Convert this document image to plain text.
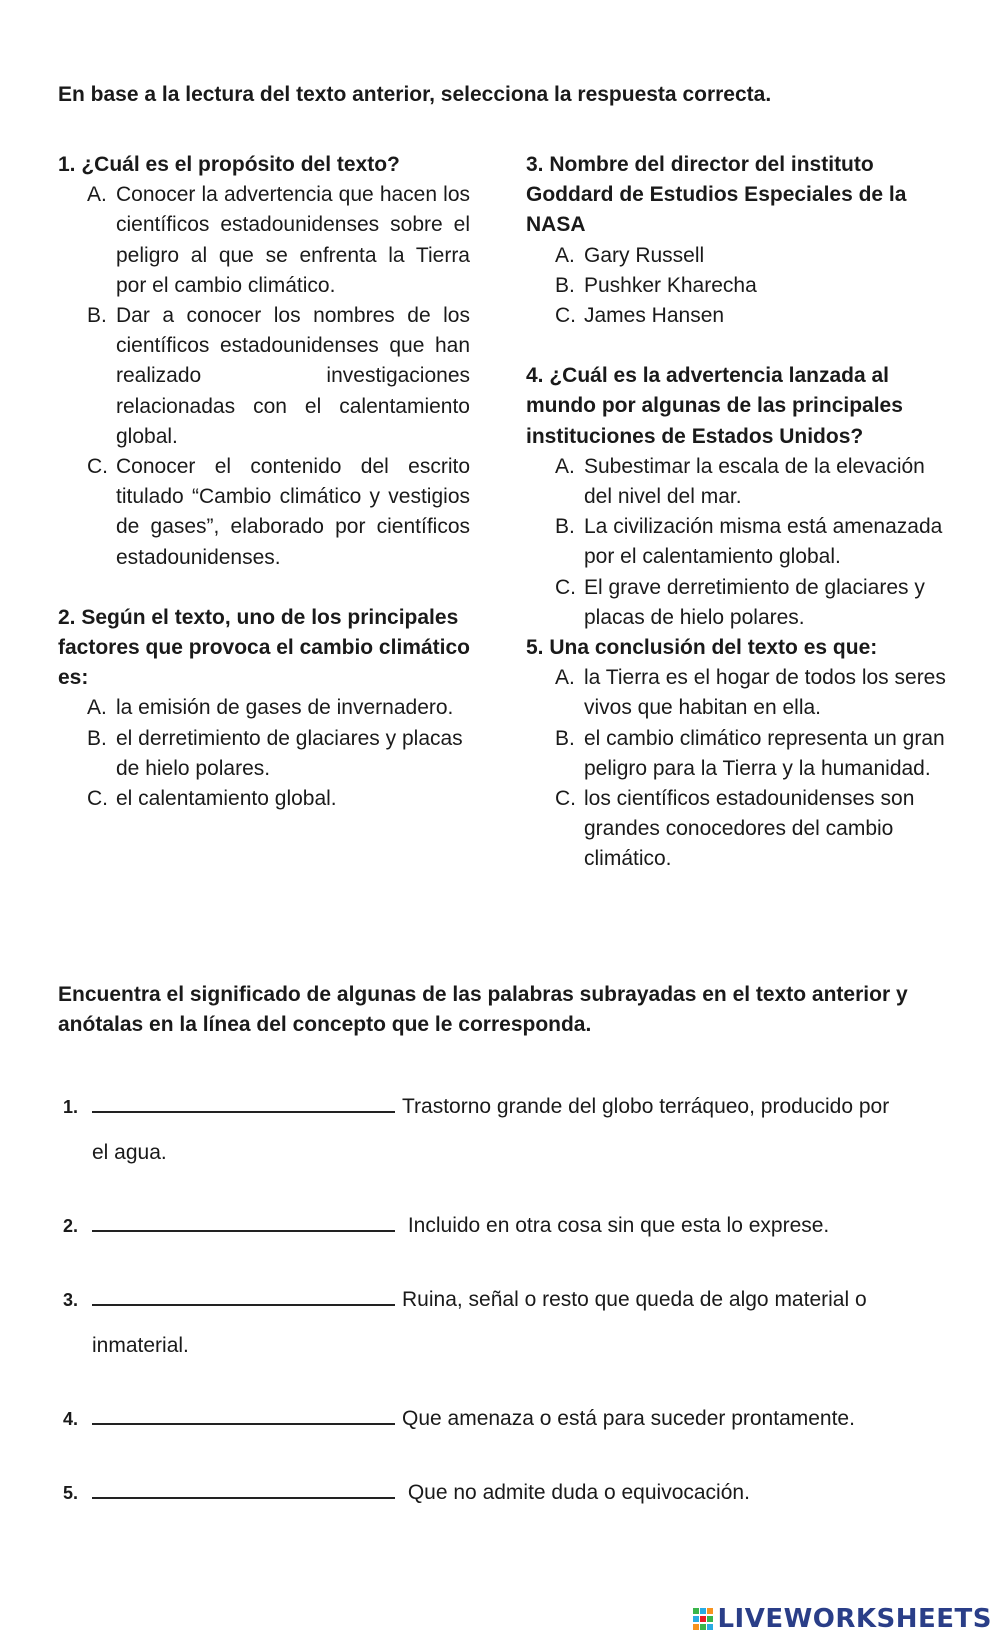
En base a la lectura del texto anterior, selecciona la respuesta correcta.
1. ¿Cuál es el propósito del texto?
A. Conocer la advertencia que hacen los científicos estadounidenses sobre el peligro al que se enfrenta la Tierra por el cambio climático.
B. Dar a conocer los nombres de los científicos estadounidenses que han realizado investigaciones relacionadas con el calentamiento global.
C. Conocer el contenido del escrito titulado “Cambio climático y vestigios de gases”, elaborado por científicos estadounidenses.
2. Según el texto, uno de los principales factores que provoca el cambio climático es:
A. la emisión de gases de invernadero.
B. el derretimiento de glaciares y placas de hielo polares.
C. el calentamiento global.
3. Nombre del director del instituto Goddard de Estudios Especiales de la NASA
A. Gary Russell
B. Pushker Kharecha
C. James Hansen
4. ¿Cuál es la advertencia lanzada al mundo por algunas de las principales instituciones de Estados Unidos?
A. Subestimar la escala de la elevación del nivel del mar.
B. La civilización misma está amenazada por el calentamiento global.
C. El grave derretimiento de glaciares y placas de hielo polares.
5. Una conclusión del texto es que:
A. la Tierra es el hogar de todos los seres vivos que habitan en ella.
B. el cambio climático representa un gran peligro para la Tierra y la humanidad.
C. los científicos estadounidenses son grandes conocedores del cambio climático.
Encuentra el significado de algunas de las palabras subrayadas en el texto anterior y anótalas en la línea del concepto que le corresponda.
1.	Trastorno grande del globo terráqueo, producido por
el agua.
2.	Incluido en otra cosa sin que esta lo exprese.
3.	Ruina, señal o resto que queda de algo material o
inmaterial.
4.	Que amenaza o está para suceder prontamente.
5.	Que no admite duda o equivocación.
LIVEWORKSHEETS
